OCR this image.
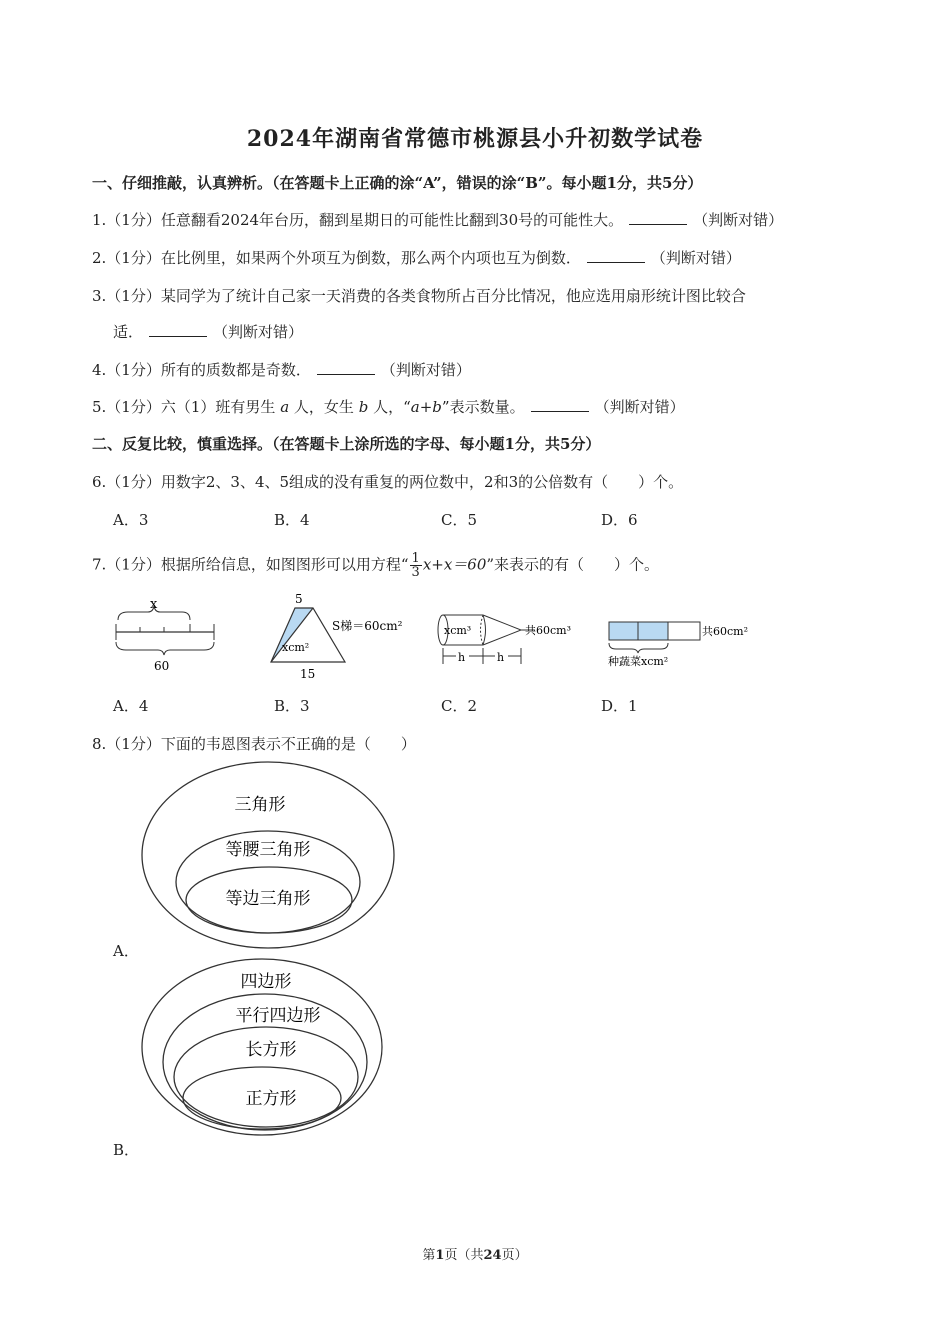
2024年湖南省常德市桃源县小升初数学试卷
一、仔细推敲，认真辨析。（在答题卡上正确的涂“A”，错误的涂“B”。每小题1分，共5分）
1.（1分）任意翻看2024年台历，翻到星期日的可能性比翻到30号的可能性大。	（判断对错）
2.（1分）在比例里，如果两个外项互为倒数，那么两个内项也互为倒数．	（判断对错）
3.（1分）某同学为了统计自己家一天消费的各类食物所占百分比情况，他应选用扇形统计图比较合
适．	（判断对错）
4.（1分）所有的质数都是奇数．	（判断对错）
5.（1分）六（1）班有男生 a 人，女生 b 人，“a+b”表示数量。	（判断对错）
二、反复比较，慎重选择。（在答题卡上涂所选的字母、每小题1分，共5分）
6.（1分）用数字2、3、4、5组成的没有重复的两位数中，2和3的公倍数有（　　）个。
A．3	B．4	C．5	D．6
7.（1分）根据所给信息，如图图形可以用方程“ $\frac{1}{3} x+x=60$”来表示的有（　　）个。
x
60
5
S梯＝60cm²
xcm²
15
xcm³	共60cm³
h	h
共60cm²
种蔬菜xcm²
A．4	B．3	C．2	D．1
8.（1分）下面的韦恩图表示不正确的是（　　）
三角形
等腰三角形
等边三角形
A．
四边形
平行四边形
长方形
正方形
B．
第1页（共24页）
